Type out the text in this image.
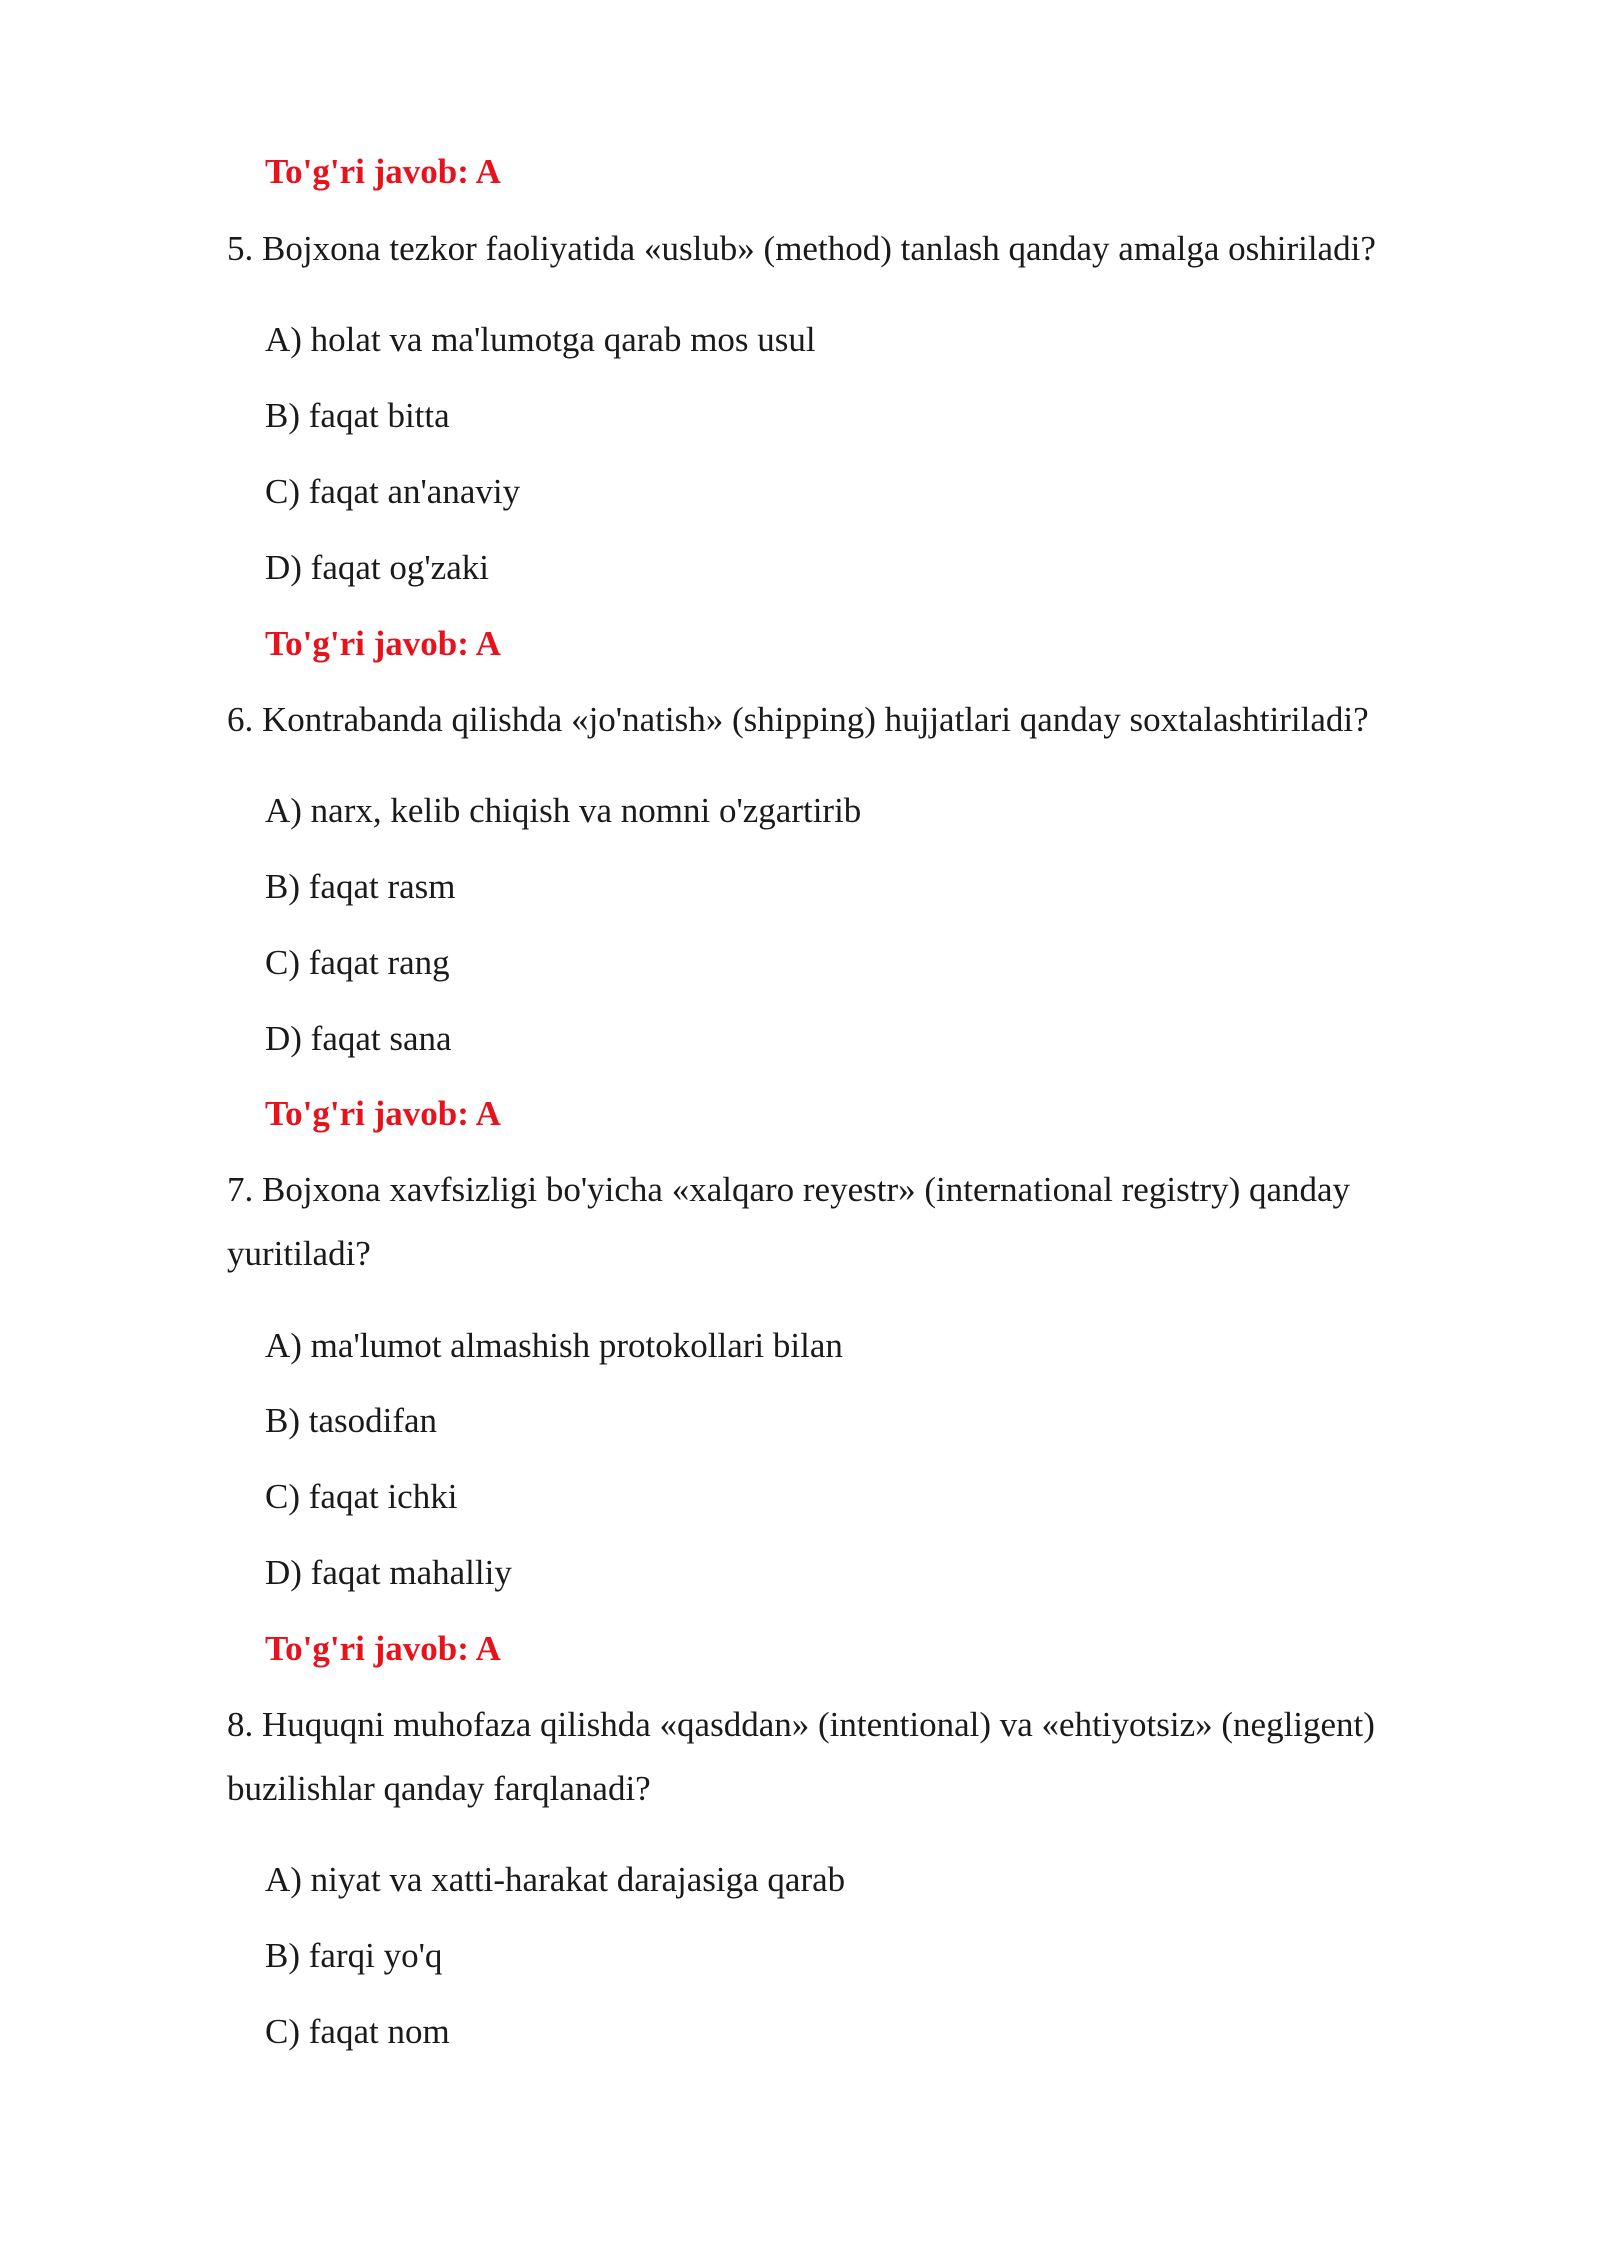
To'g'ri javob: A
5. Bojxona tezkor faoliyatida «uslub» (method) tanlash qanday amalga oshiriladi?
A) holat va ma'lumotga qarab mos usul
B) faqat bitta
C) faqat an'anaviy
D) faqat og'zaki
To'g'ri javob: A
6. Kontrabanda qilishda «jo'natish» (shipping) hujjatlari qanday soxtalashtiriladi?
A) narx, kelib chiqish va nomni o'zgartirib
B) faqat rasm
C) faqat rang
D) faqat sana
To'g'ri javob: A
7. Bojxona xavfsizligi bo'yicha «xalqaro reyestr» (international registry) qanday
yuritiladi?
A) ma'lumot almashish protokollari bilan
B) tasodifan
C) faqat ichki
D) faqat mahalliy
To'g'ri javob: A
8. Huquqni muhofaza qilishda «qasddan» (intentional) va «ehtiyotsiz» (negligent)
buzilishlar qanday farqlanadi?
A) niyat va xatti-harakat darajasiga qarab
B) farqi yo'q
C) faqat nom
